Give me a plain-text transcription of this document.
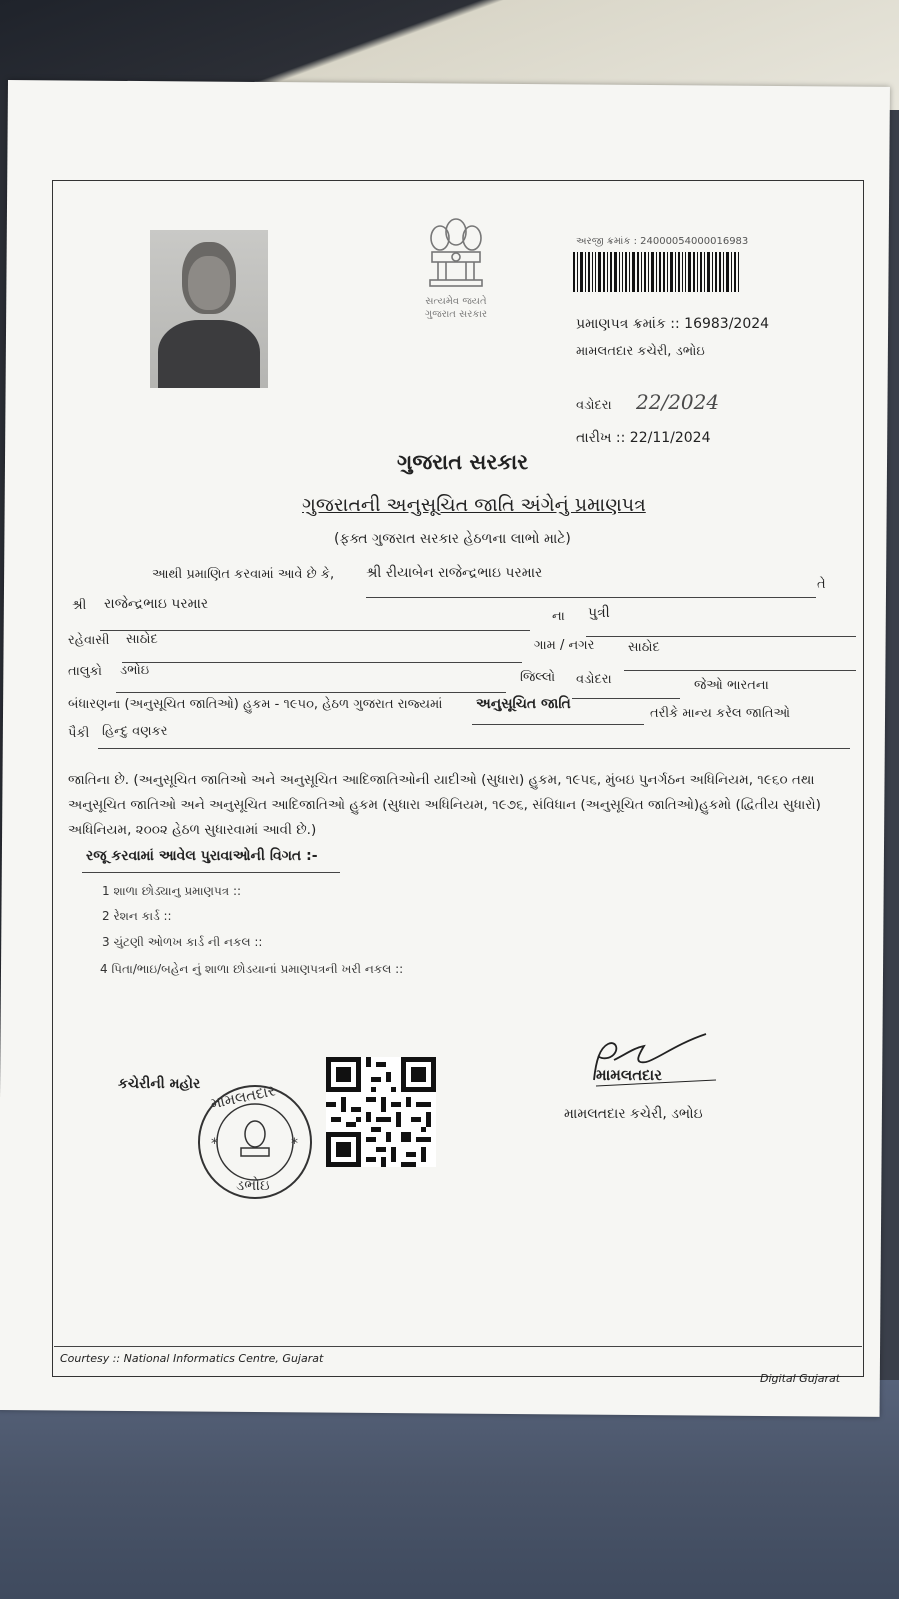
સત્યમેવ જયતે
ગુજરાત સરકાર
અરજી ક્રમાંક : 24000054000016983
પ્રમાણપત્ર ક્રમાંક :: 16983/2024
મામલતદાર કચેરી, ડભોઇ
વડોદરા 22/2024
તારીખ :: 22/11/2024
ગુજરાત સરકાર
ગુજરાતની અનુસૂચિત જાતિ અંગેનું પ્રમાણપત્ર
(ફક્ત ગુજરાત સરકાર હેઠળના લાભો માટે)
આથી પ્રમાણિત કરવામાં આવે છે કે, શ્રી રીયાબેન રાજેન્દ્રભાઇ પરમાર
તે
શ્રી રાજેન્દ્રભાઇ પરમાર
ના પુત્રી
રહેવાસી સાઠોદ	ગામ / નગર	સાઠોદ
તાલુકો ડભોઇ	જિલ્લો વડોદરા	જેઓ ભારતના
બંધારણના (અનુસૂચિત જાતિઓ) હુકમ - ૧૯૫૦, હેઠળ ગુજરાત રાજ્યમાં અનુસૂચિત જાતિ
તરીકે માન્ય કરેલ જાતિઓ
પૈકી હિન્દુ વણકર
જાતિના છે. (અનુસૂચિત જાતિઓ અને અનુસૂચિત આદિજાતિઓની યાદીઓ (સુધારા) હુકમ, ૧૯૫૬, મુંબઇ પુનર્ગઠન અધિનિયમ, ૧૯૬૦ તથા અનુસૂચિત જાતિઓ અને અનુસૂચિત આદિજાતિઓ હુકમ (સુધારા અધિનિયમ, ૧૯૭૬, સંવિધાન (અનુસૂચિત જાતિઓ)હુકમો (દ્વિતીય સુધારો) અધિનિયમ, ૨૦૦૨ હેઠળ સુધારવામાં આવી છે.)
રજૂ કરવામાં આવેલ પુરાવાઓની વિગત :-
1 શાળા છોડ્યાનુ પ્રમાણપત્ર ::
2 રેશન કાર્ડ ::
3 ચુંટણી ઓળખ કાર્ડ ની નકલ ::
4 પિતા/ભાઇ/બહેન નું શાળા છોડયાનાં પ્રમાણપત્રની ખરી નકલ ::
કચેરીની મહોર
*	*
મામલતદાર
ડભોઇ
મામલતદાર
મામલતદાર કચેરી, ડભોઇ
Courtesy :: National Informatics Centre, Gujarat
Digital Gujarat
